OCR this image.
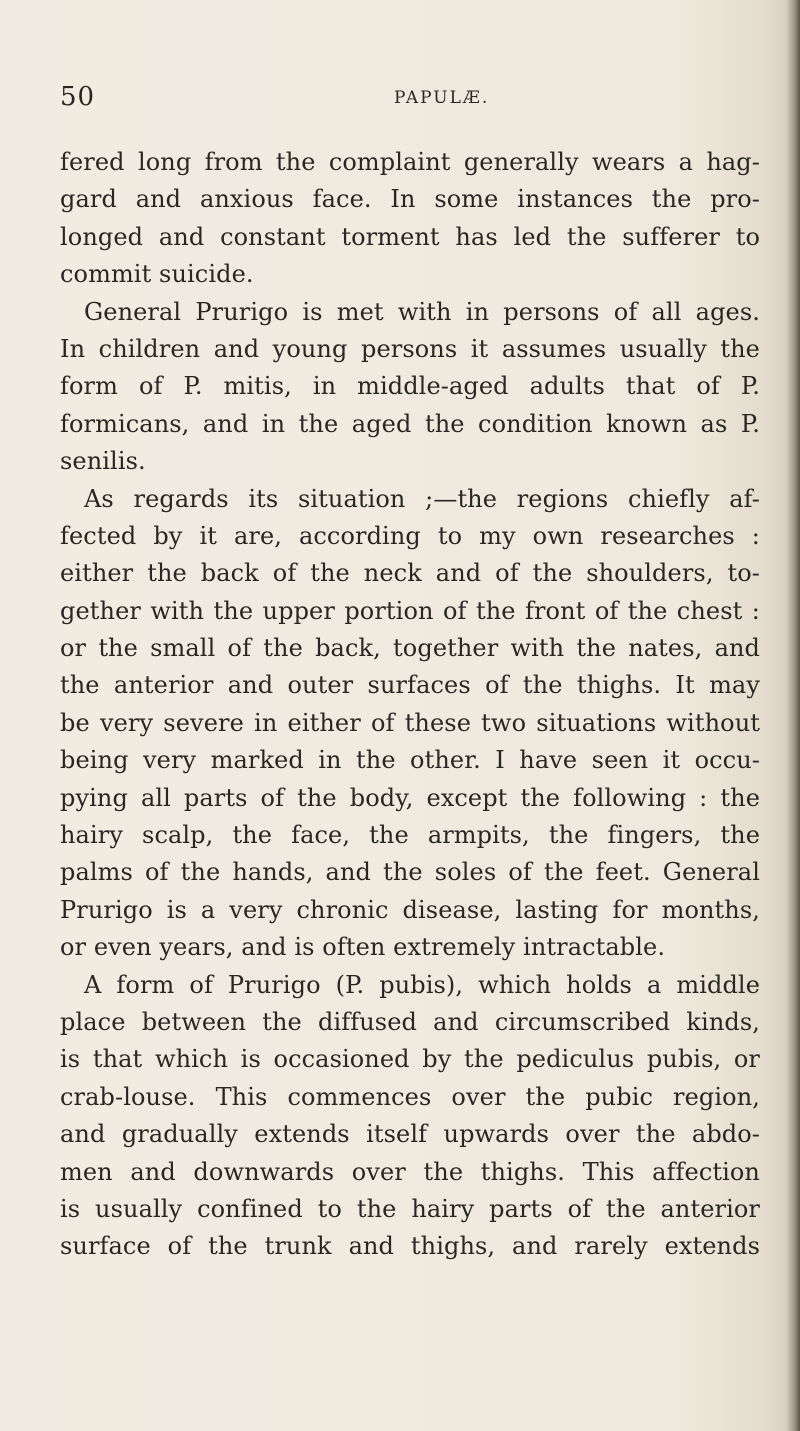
50	PAPULÆ.
fered long from the complaint generally wears a hag-
gard and anxious face. In some instances the pro-
longed and constant torment has led the sufferer to
commit suicide.
General Prurigo is met with in persons of all ages.
In children and young persons it assumes usually the
form of P. mitis, in middle-aged adults that of P.
formicans, and in the aged the condition known as P.
senilis.
As regards its situation ;—the regions chiefly af-
fected by it are, according to my own researches :
either the back of the neck and of the shoulders, to-
gether with the upper portion of the front of the chest :
or the small of the back, together with the nates, and
the anterior and outer surfaces of the thighs. It may
be very severe in either of these two situations without
being very marked in the other. I have seen it occu-
pying all parts of the body, except the following : the
hairy scalp, the face, the armpits, the fingers, the
palms of the hands, and the soles of the feet. General
Prurigo is a very chronic disease, lasting for months,
or even years, and is often extremely intractable.
A form of Prurigo (P. pubis), which holds a middle
place between the diffused and circumscribed kinds,
is that which is occasioned by the pediculus pubis, or
crab-louse. This commences over the pubic region,
and gradually extends itself upwards over the abdo-
men and downwards over the thighs. This affection
is usually confined to the hairy parts of the anterior
surface of the trunk and thighs, and rarely extends
